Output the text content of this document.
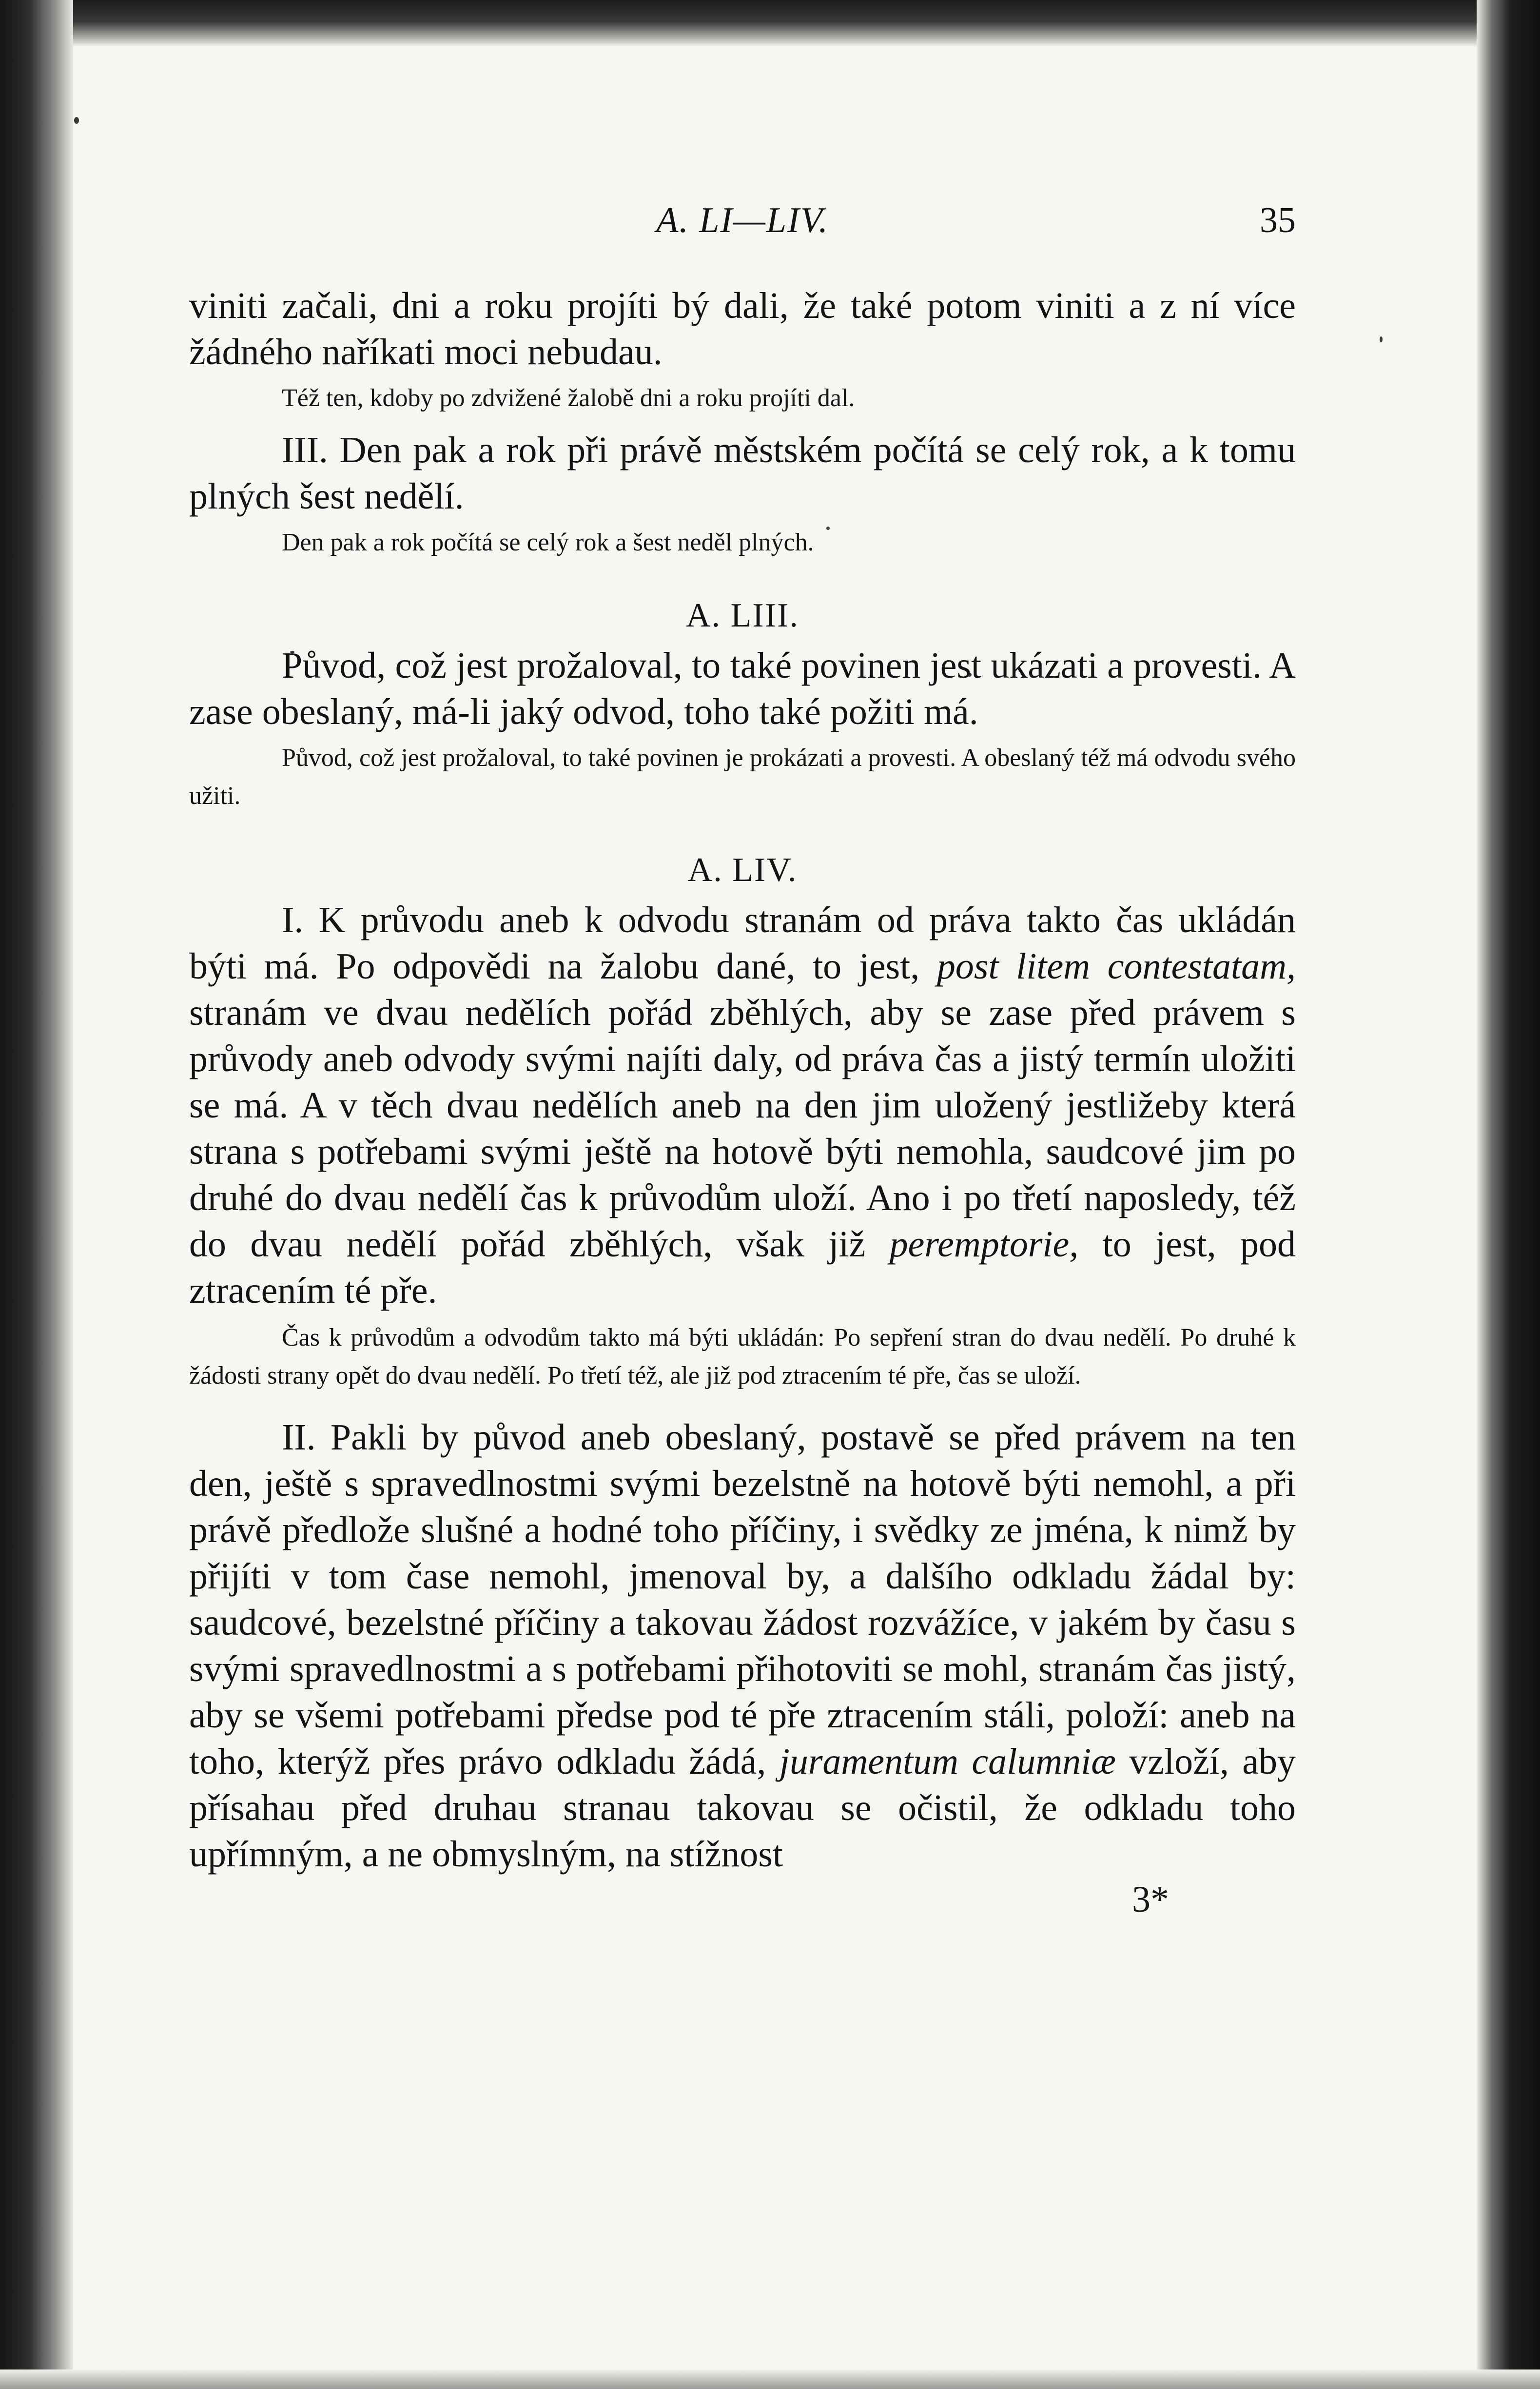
A. LI—LIV.	35

viniti začali, dni a roku projíti bý dali, že také potom viniti a z ní více žádného naříkati moci nebudau.

Též ten, kdoby po zdvižené žalobě dni a roku projíti dal.

III. Den pak a rok při právě městském počítá se celý rok, a k tomu plných šest nedělí.

Den pak a rok počítá se celý rok a šest neděl plných.

A. LIII.

Původ, což jest prožaloval, to také povinen jest ukázati a provesti. A zase obeslaný, má-li jaký odvod, toho také požiti má.

Původ, což jest prožaloval, to také povinen je prokázati a provesti. A obeslaný též má odvodu svého užiti.

A. LIV.

I. K průvodu aneb k odvodu stranám od práva takto čas ukládán býti má. Po odpovědi na žalobu dané, to jest, post litem contestatam, stranám ve dvau nedělích pořád zběhlých, aby se zase před právem s průvody aneb odvody svými najíti daly, od práva čas a jistý termín uložiti se má. A v těch dvau nedělích aneb na den jim uložený jestližeby která strana s potřebami svými ještě na hotově býti nemohla, saudcové jim po druhé do dvau nedělí čas k průvodům uloží. Ano i po třetí naposledy, též do dvau nedělí pořád zběhlých, však již peremptorie, to jest, pod ztracením té pře.

Čas k průvodům a odvodům takto má býti ukládán: Po sepření stran do dvau nedělí. Po druhé k žádosti strany opět do dvau nedělí. Po třetí též, ale již pod ztracením té pře, čas se uloží.

II. Pakli by původ aneb obeslaný, postavě se před právem na ten den, ještě s spravedlnostmi svými bezelstně na hotově býti nemohl, a při právě předlože slušné a hodné toho příčiny, i svědky ze jména, k nimž by přijíti v tom čase nemohl, jmenoval by, a dalšího odkladu žádal by: saudcové, bezelstné příčiny a takovau žádost rozvážíce, v jakém by času s svými spravedlnostmi a s potřebami přihotoviti se mohl, stranám čas jistý, aby se všemi potřebami předse pod té pře ztracením stáli, položí: aneb na toho, kterýž přes právo odkladu žádá, juramentum calumniæ vzloží, aby přísahau před druhau stranau takovau se očistil, že odkladu toho upřímným, a ne obmyslným, na stížnost

3*
